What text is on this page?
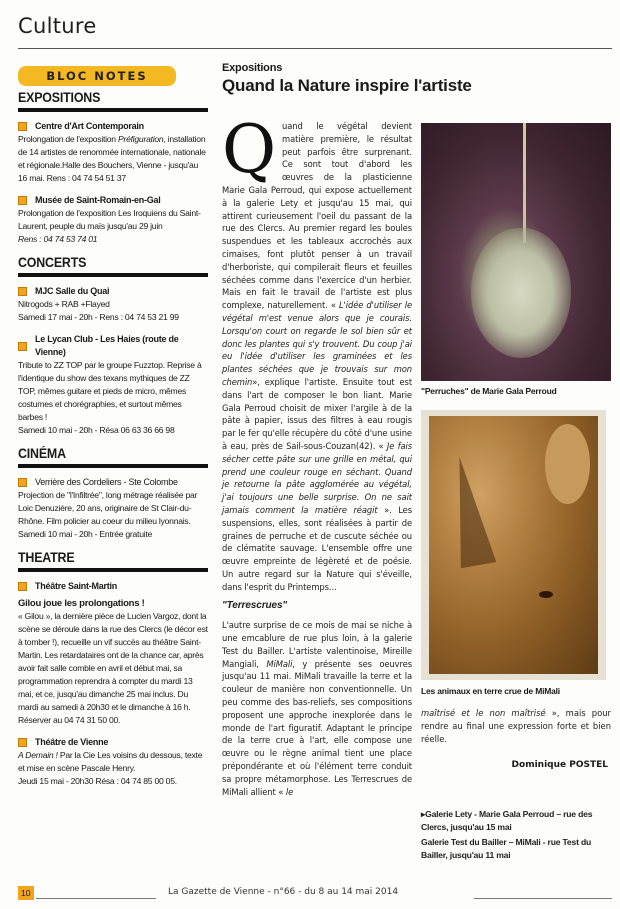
Culture
BLOC NOTES
EXPOSITIONS
Centre d'Art Contemporain

Prolongation de l'exposition Préfiguration, installation de 14 artistes de renommée internationale, nationale et régionale.Halle des Bouchers, Vienne - jusqu'au 16 mai. Rens : 04 74 54 51 37

Musée de Saint-Romain-en-Gal

Prolongation de l'exposition Les Iroquiens du Saint-Laurent, peuple du maïs jusqu'au 29 juin

Rens : 04 74 53 74 01

CONCERTS
MJC Salle du Quai

Nitrogods + RAB +Flayed

Samedi 17 mai - 20h - Rens : 04 74 53 21 99

Le Lycan Club - Les Haies (route de Vienne)

Tribute to ZZ TOP par le groupe Fuzztop. Reprise à l'identique du show des texans mythiques de ZZ TOP, mêmes guitare et pieds de micro, mêmes costumes et chorégraphies, et surtout mêmes barbes !

Samedi 10 mai - 20h - Résa 06 63 36 66 98

CINÉMA
Verrière des Cordeliers - Ste Colombe

Projection de "l'Infiltrée", long métrage réalisée par Loic Denuzière, 20 ans, originaire de St Clair-du-Rhône. Film policier au coeur du milieu lyonnais.

Samedi 10 mai - 20h - Entrée gratuite

THEATRE
Théâtre Saint-Martin

Gilou joue les prolongations !

« Gilou », la dernière pièce de Lucien Vargoz, dont la scène se déroule dans la rue des Clercs (le décor est à tomber !), recueille un vif succès au théâtre Saint-Martin. Les retardataires ont de la chance car, après avoir fait salle comble en avril et début mai, sa programmation reprendra à compter du mardi 13 mai, et ce, jusqu'au dimanche 25 mai inclus. Du mardi au samedi à 20h30 et le dimanche à 16 h. Réserver au 04 74 31 50 00.

Théâtre de Vienne

A Demain ! Par la Cie Les voisins du dessous, texte et mise en scène Pascale Henry.

Jeudi 15 mai - 20h30 Résa : 04 74 85 00 05.

Expositions
Quand la Nature inspire l'artiste

Quand le végétal devient matière première, le résultat peut parfois être surprenant. Ce sont tout d'abord les œuvres de la plasticienne Marie Gala Perroud, qui expose actuellement à la galerie Lety et jusqu'au 15 mai, qui attirent curieusement l'oeil du passant de la rue des Clercs. Au premier regard les boules suspendues et les tableaux accrochés aux cimaises, font plutôt penser à un travail d'herboriste, qui compilerait fleurs et feuilles séchées comme dans l'exercice d'un herbier. Mais en fait le travail de l'artiste est plus complexe, naturellement. « L'idée d'utiliser le végétal m'est venue alors que je courais. Lorsqu'on court on regarde le sol bien sûr et donc les plantes qui s'y trouvent. Du coup j'ai eu l'idée d'utiliser les graminées et les plantes séchées que je trouvais sur mon chemin», explique l'artiste. Ensuite tout est dans l'art de composer le bon liant. Marie Gala Perroud choisit de mixer l'argile à de la pâte à papier, issus des filtres à eau rougis par le fer qu'elle récupère du côté d'une usine à eau, près de Sail-sous-Couzan(42). « Je fais sécher cette pâte sur une grille en métal, qui prend une couleur rouge en séchant. Quand je retourne la pâte agglomérée au végétal, j'ai toujours une belle surprise. On ne sait jamais comment la matière réagit ». Les suspensions, elles, sont réalisées à partir de graines de perruche et de cuscute séchée ou de clématite sauvage. L'ensemble offre une œuvre empreinte de légèreté et de poésie. Un autre regard sur la Nature qui s'éveille, dans l'esprit du Printemps...

"Terrescrues"

L'autre surprise de ce mois de mai se niche à une emcablure de rue plus loin, à la galerie Test du Bailler. L'artiste valentinoise, Mireille Mangiali, MiMali, y présente ses oeuvres jusqu'au 11 mai. MiMali travaille la terre et la couleur de manière non conventionnelle. Un peu comme des bas-reliefs, ses compositions proposent une approche inexplorée dans le monde de l'art figuratif. Adaptant le principe de la terre crue à l'art, elle compose une œuvre ou le règne animal tient une place prépondérante et où l'élément terre conduit sa propre métamorphose. Les Terrescrues de MiMali allient « le

"Perruches" de Marie Gala Perroud
Les animaux en terre crue de MiMali
maîtrisé et le non maîtrisé », mais pour rendre au final une expression forte et bien réelle.
Dominique POSTEL

▸Galerie Lety - Marie Gala Perroud – rue des Clercs, jusqu'au 15 mai

Galerie Test du Bailler – MiMali - rue Test du Bailler, jusqu'au 11 mai

10	La Gazette de Vienne - n°66 - du 8 au 14 mai 2014
